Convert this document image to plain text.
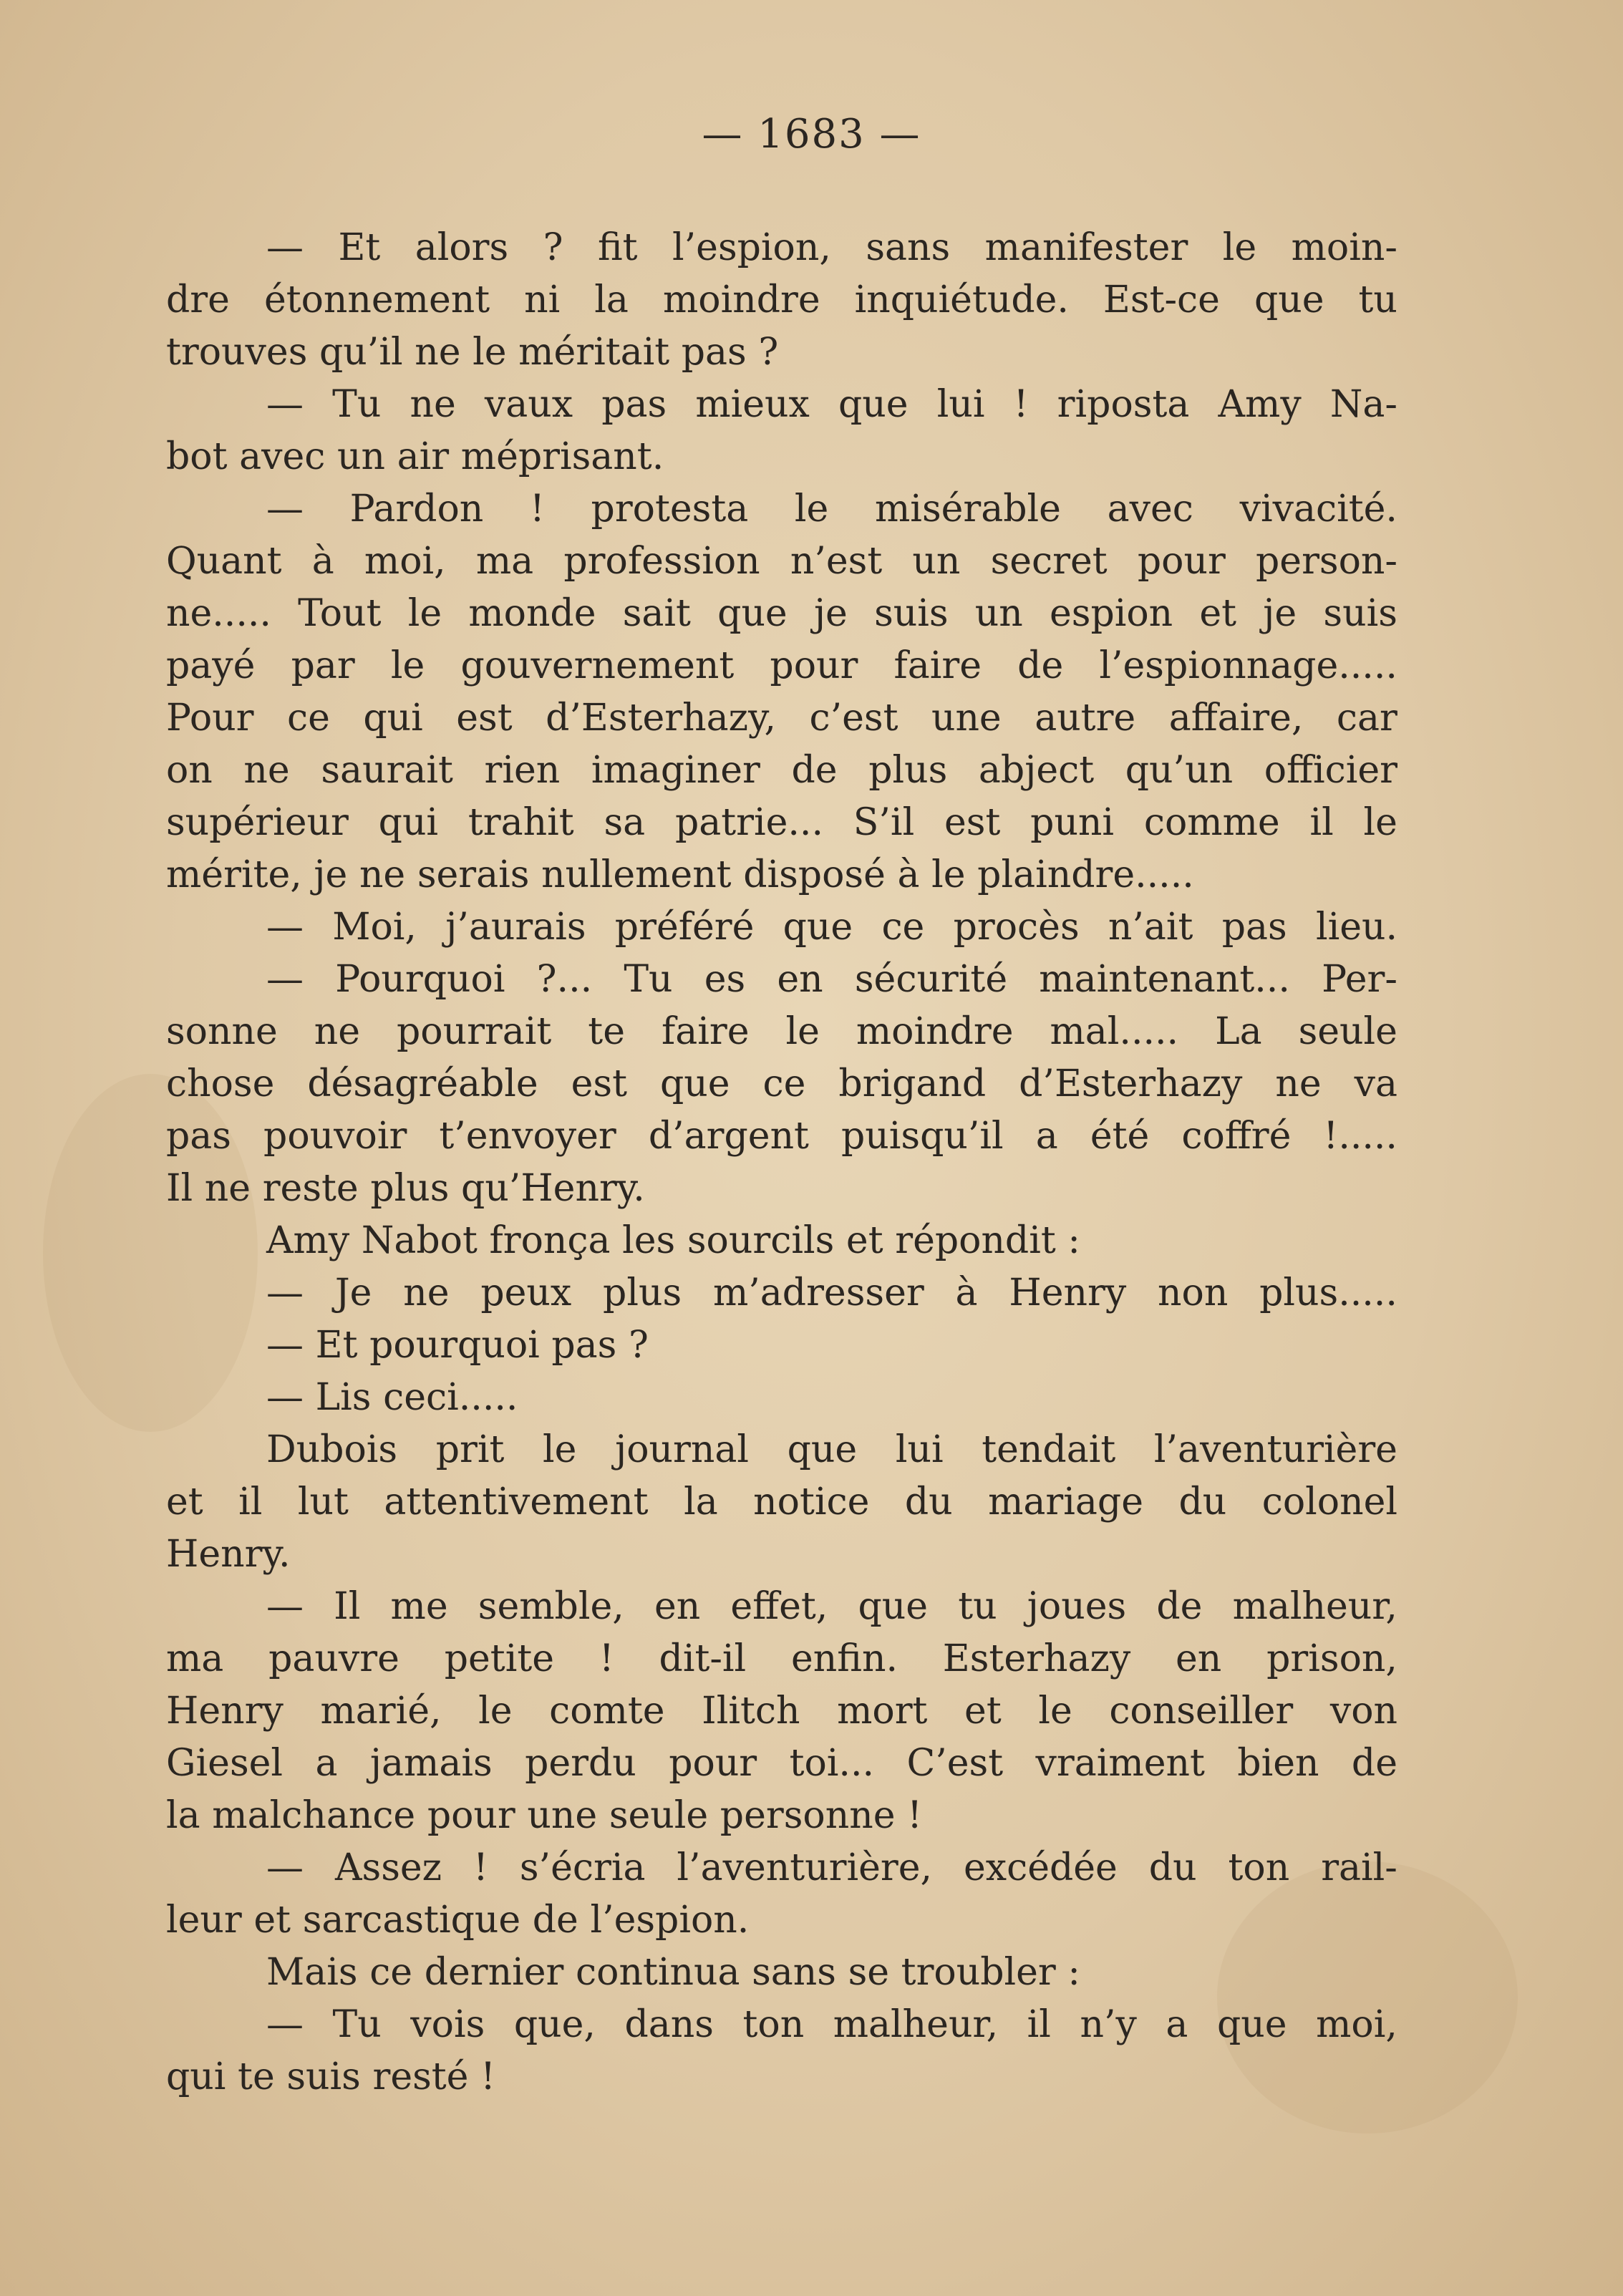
— 1683 —
— Et alors ? fit l’espion, sans manifester le moin-
dre étonnement ni la moindre inquiétude. Est-ce que tu
trouves qu’il ne le méritait pas ?
— Tu ne vaux pas mieux que lui ! riposta Amy Na-
bot avec un air méprisant.
— Pardon ! protesta le misérable avec vivacité.
Quant à moi, ma profession n’est un secret pour person-
ne..... Tout le monde sait que je suis un espion et je suis
payé par le gouvernement pour faire de l’espionnage.....
Pour ce qui est d’Esterhazy, c’est une autre affaire, car
on ne saurait rien imaginer de plus abject qu’un officier
supérieur qui trahit sa patrie... S’il est puni comme il le
mérite, je ne serais nullement disposé à le plaindre.....
— Moi, j’aurais préféré que ce procès n’ait pas lieu.
— Pourquoi ?... Tu es en sécurité maintenant... Per-
sonne ne pourrait te faire le moindre mal..... La seule
chose désagréable est que ce brigand d’Esterhazy ne va
pas pouvoir t’envoyer d’argent puisqu’il a été coffré !.....
Il ne reste plus qu’Henry.
Amy Nabot fronça les sourcils et répondit :
— Je ne peux plus m’adresser à Henry non plus.....
— Et pourquoi pas ?
— Lis ceci.....
Dubois prit le journal que lui tendait l’aventurière
et il lut attentivement la notice du mariage du colonel
Henry.
— Il me semble, en effet, que tu joues de malheur,
ma pauvre petite ! dit-il enfin. Esterhazy en prison,
Henry marié, le comte Ilitch mort et le conseiller von
Giesel a jamais perdu pour toi... C’est vraiment bien de
la malchance pour une seule personne !
— Assez ! s’écria l’aventurière, excédée du ton rail-
leur et sarcastique de l’espion.
Mais ce dernier continua sans se troubler :
— Tu vois que, dans ton malheur, il n’y a que moi,
qui te suis resté !
